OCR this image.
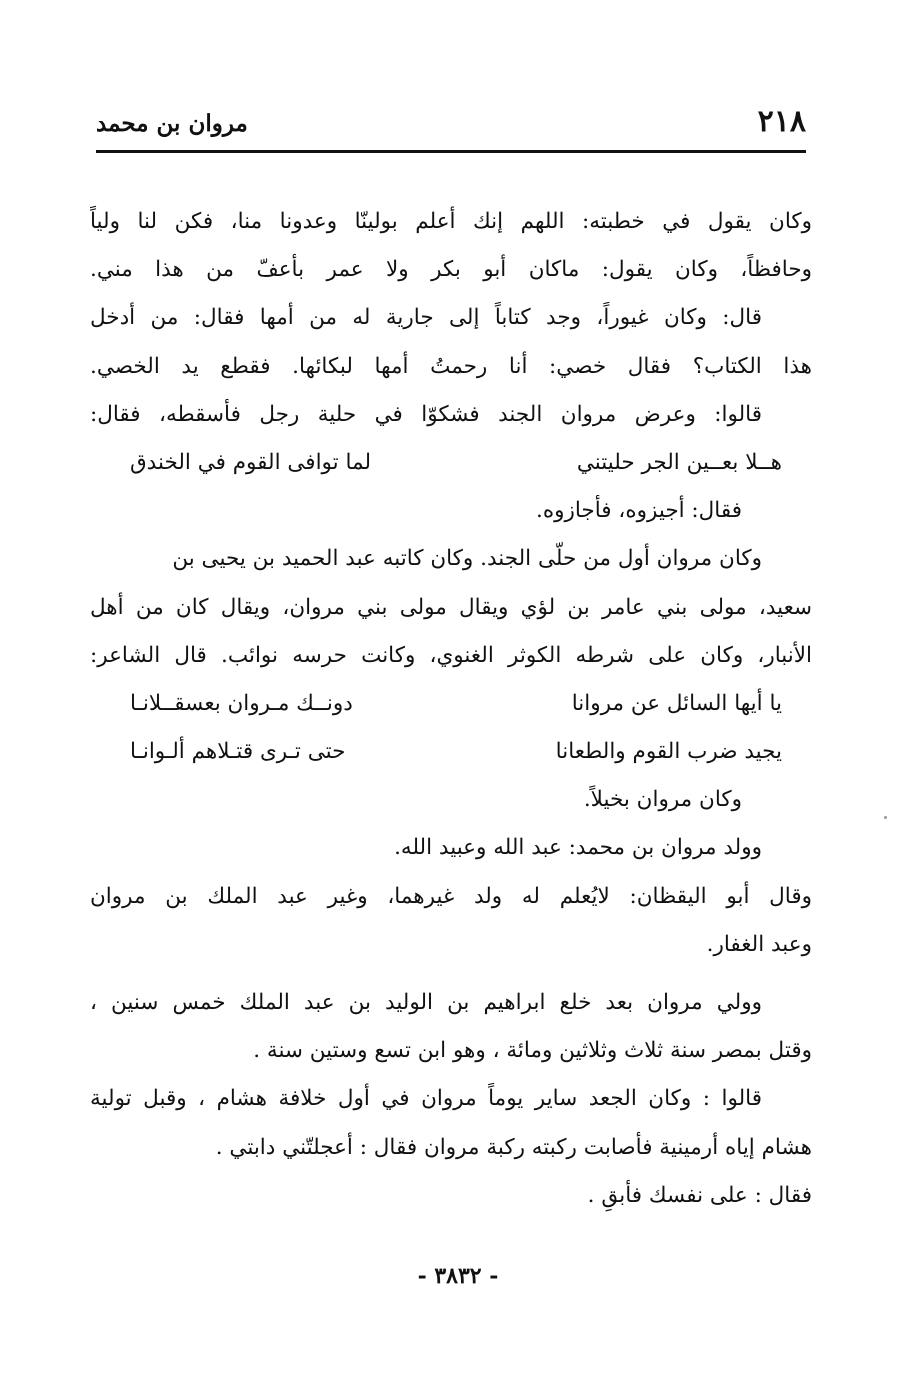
٢١٨
مروان بن محمد
وكان يقول في خطبته: اللهم إنك أعلم بولينّا وعدونا منا، فكن لنا ولياً
وحافظاً، وكان يقول: ماكان أبو بكر ولا عمر بأعفّ من هذا مني.
قال: وكان غيوراً، وجد كتاباً إلى جارية له من أمها فقال: من أدخل
هذا الكتاب؟ فقال خصي: أنا رحمتُ أمها لبكائها. فقطع يد الخصي.
قالوا: وعرض مروان الجند فشكوّا في حلية رجل فأسقطه، فقال:
هــلا بعــين الجر حليتني
لما توافى القوم في الخندق
فقال: أجيزوه، فأجازوه.
وكان مروان أول من حلّى الجند. وكان كاتبه عبد الحميد بن يحيى بن
سعيد، مولى بني عامر بن لؤي ويقال مولى بني مروان، ويقال كان من أهل
الأنبار، وكان على شرطه الكوثر الغنوي، وكانت حرسه نوائب. قال الشاعر:
يا أيها السائل عن مروانا
دونــك مـروان بعسقــلانـا
يجيد ضرب القوم والطعانا
حتى تـرى قتـلاهم ألـوانـا
وكان مروان بخيلاً.
وولد مروان بن محمد: عبد الله وعبيد الله.
وقال أبو اليقظان: لايُعلم له ولد غيرهما، وغير عبد الملك بن مروان
وعبد الغفار.
وولي مروان بعد خلع ابراهيم بن الوليد بن عبد الملك خمس سنين ،
وقتل بمصر سنة ثلاث وثلاثين ومائة ، وهو ابن تسع وستين سنة .
قالوا : وكان الجعد ساير يوماً مروان في أول خلافة هشام ، وقبل تولية
هشام إياه أرمينية فأصابت ركبته ركبة مروان فقال : أعجلتّني دابتي .
فقال : على نفسك فأبقِ .
- ٣٨٣٢ -
